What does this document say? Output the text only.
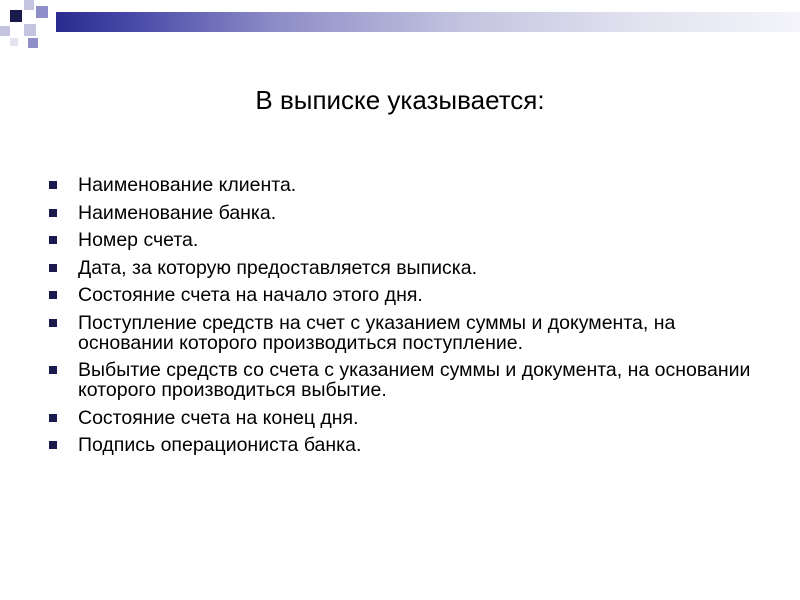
В выписке указывается:
Наименование клиента.
Наименование банка.
Номер счета.
Дата, за которую предоставляется выписка.
Состояние счета на начало этого дня.
Поступление средств на счет с указанием суммы и документа, на основании которого производиться поступление.
Выбытие средств со счета с указанием суммы и документа, на основании которого производиться выбытие.
Состояние счета на конец дня.
Подпись операциониста банка.
